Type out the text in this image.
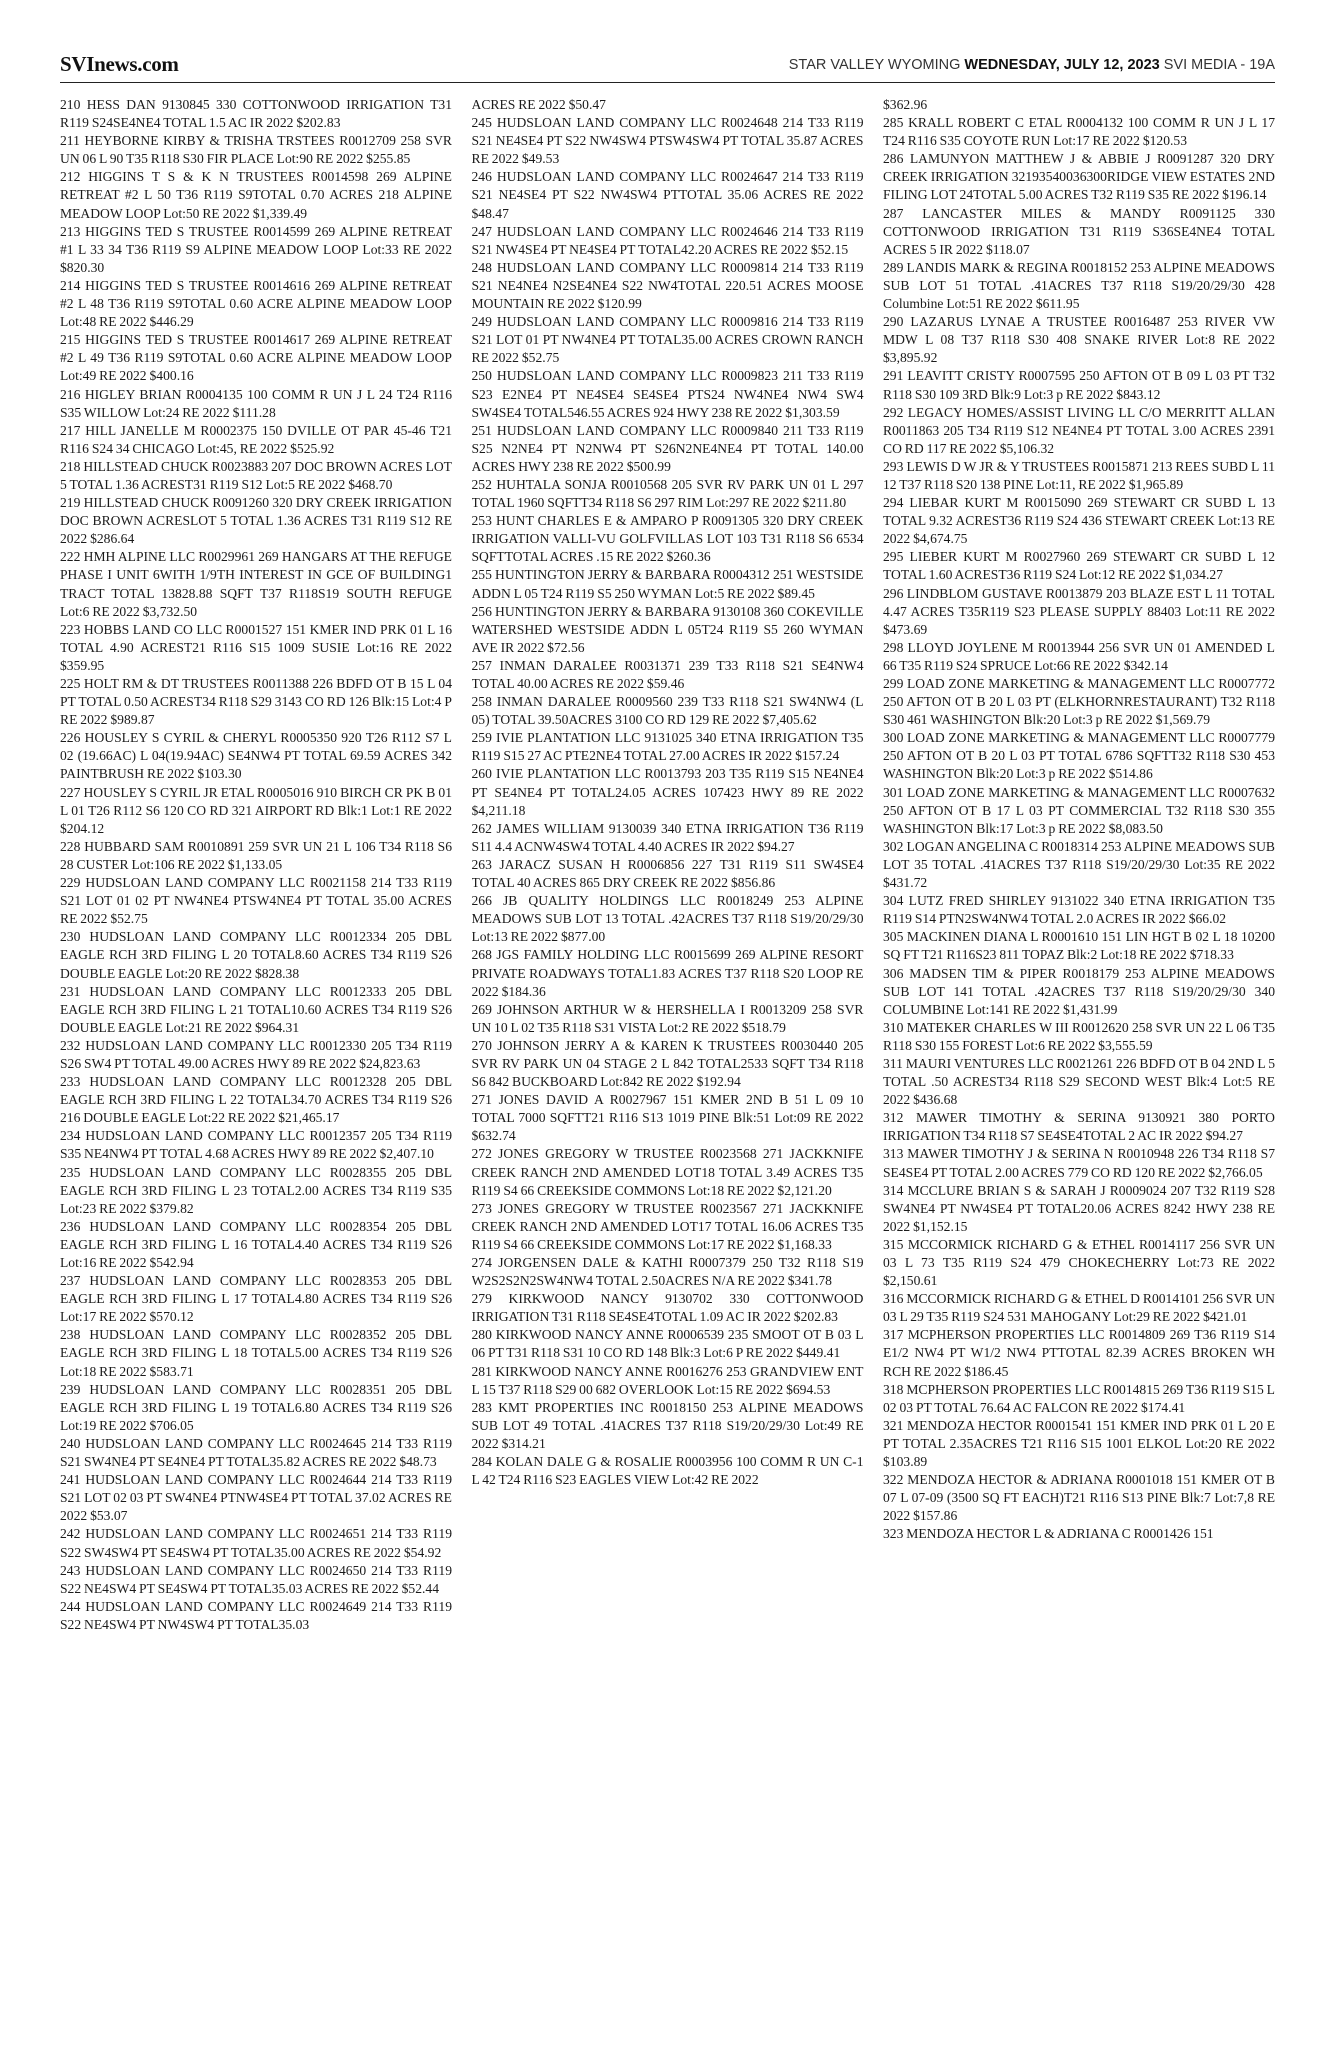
SVInews.com	STAR VALLEY WYOMING WEDNESDAY, JULY 12, 2023 SVI MEDIA - 19A

210 HESS DAN 9130845 330 COTTONWOOD IRRIGATION T31 R119 S24SE4NE4 TOTAL 1.5 AC IR 2022 $202.83

211 HEYBORNE KIRBY & TRISHA TRSTEES R0012709 258 SVR UN 06 L 90 T35 R118 S30 FIR PLACE Lot:90 RE 2022 $255.85

212 HIGGINS T S & K N TRUSTEES R0014598 269 ALPINE RETREAT #2 L 50 T36 R119 S9TOTAL 0.70 ACRES 218 ALPINE MEADOW LOOP Lot:50 RE 2022 $1,339.49

213 HIGGINS TED S TRUSTEE R0014599 269 ALPINE RETREAT #1 L 33 34 T36 R119 S9 ALPINE MEADOW LOOP Lot:33 RE 2022 $820.30

214 HIGGINS TED S TRUSTEE R0014616 269 ALPINE RETREAT #2 L 48 T36 R119 S9TOTAL 0.60 ACRE ALPINE MEADOW LOOP Lot:48 RE 2022 $446.29

215 HIGGINS TED S TRUSTEE R0014617 269 ALPINE RETREAT #2 L 49 T36 R119 S9TOTAL 0.60 ACRE ALPINE MEADOW LOOP Lot:49 RE 2022 $400.16

216 HIGLEY BRIAN R0004135 100 COMM R UN J L 24 T24 R116 S35 WILLOW Lot:24 RE 2022 $111.28

217 HILL JANELLE M R0002375 150 DVILLE OT PAR 45-46 T21 R116 S24 34 CHICAGO Lot:45, RE 2022 $525.92

218 HILLSTEAD CHUCK R0023883 207 DOC BROWN ACRES LOT 5 TOTAL 1.36 ACREST31 R119 S12 Lot:5 RE 2022 $468.70

219 HILLSTEAD CHUCK R0091260 320 DRY CREEK IRRIGATION DOC BROWN ACRESLOT 5 TOTAL 1.36 ACRES T31 R119 S12 RE 2022 $286.64

222 HMH ALPINE LLC R0029961 269 HANGARS AT THE REFUGE PHASE I UNIT 6WITH 1/9TH INTEREST IN GCE OF BUILDING1 TRACT TOTAL 13828.88 SQFT T37 R118S19 SOUTH REFUGE Lot:6 RE 2022 $3,732.50

223 HOBBS LAND CO LLC R0001527 151 KMER IND PRK 01 L 16 TOTAL 4.90 ACREST21 R116 S15 1009 SUSIE Lot:16 RE 2022 $359.95

225 HOLT RM & DT TRUSTEES R0011388 226 BDFD OT B 15 L 04 PT TOTAL 0.50 ACREST34 R118 S29 3143 CO RD 126 Blk:15 Lot:4 P RE 2022 $989.87

226 HOUSLEY S CYRIL & CHERYL R0005350 920 T26 R112 S7 L 02 (19.66AC) L 04(19.94AC) SE4NW4 PT TOTAL 69.59 ACRES 342 PAINTBRUSH RE 2022 $103.30

227 HOUSLEY S CYRIL JR ETAL R0005016 910 BIRCH CR PK B 01 L 01 T26 R112 S6 120 CO RD 321 AIRPORT RD Blk:1 Lot:1 RE 2022 $204.12

228 HUBBARD SAM R0010891 259 SVR UN 21 L 106 T34 R118 S6 28 CUSTER Lot:106 RE 2022 $1,133.05

229 HUDSLOAN LAND COMPANY LLC R0021158 214 T33 R119 S21 LOT 01 02 PT NW4NE4 PTSW4NE4 PT TOTAL 35.00 ACRES RE 2022 $52.75

230 HUDSLOAN LAND COMPANY LLC R0012334 205 DBL EAGLE RCH 3RD FILING L 20 TOTAL8.60 ACRES T34 R119 S26 DOUBLE EAGLE Lot:20 RE 2022 $828.38

231 HUDSLOAN LAND COMPANY LLC R0012333 205 DBL EAGLE RCH 3RD FILING L 21 TOTAL10.60 ACRES T34 R119 S26 DOUBLE EAGLE Lot:21 RE 2022 $964.31

232 HUDSLOAN LAND COMPANY LLC R0012330 205 T34 R119 S26 SW4 PT TOTAL 49.00 ACRES HWY 89 RE 2022 $24,823.63

233 HUDSLOAN LAND COMPANY LLC R0012328 205 DBL EAGLE RCH 3RD FILING L 22 TOTAL34.70 ACRES T34 R119 S26 216 DOUBLE EAGLE Lot:22 RE 2022 $21,465.17

234 HUDSLOAN LAND COMPANY LLC R0012357 205 T34 R119 S35 NE4NW4 PT TOTAL 4.68 ACRES HWY 89 RE 2022 $2,407.10

235 HUDSLOAN LAND COMPANY LLC R0028355 205 DBL EAGLE RCH 3RD FILING L 23 TOTAL2.00 ACRES T34 R119 S35 Lot:23 RE 2022 $379.82

236 HUDSLOAN LAND COMPANY LLC R0028354 205 DBL EAGLE RCH 3RD FILING L 16 TOTAL4.40 ACRES T34 R119 S26 Lot:16 RE 2022 $542.94

237 HUDSLOAN LAND COMPANY LLC R0028353 205 DBL EAGLE RCH 3RD FILING L 17 TOTAL4.80 ACRES T34 R119 S26 Lot:17 RE 2022 $570.12

238 HUDSLOAN LAND COMPANY LLC R0028352 205 DBL EAGLE RCH 3RD FILING L 18 TOTAL5.00 ACRES T34 R119 S26 Lot:18 RE 2022 $583.71

239 HUDSLOAN LAND COMPANY LLC R0028351 205 DBL EAGLE RCH 3RD FILING L 19 TOTAL6.80 ACRES T34 R119 S26 Lot:19 RE 2022 $706.05

240 HUDSLOAN LAND COMPANY LLC R0024645 214 T33 R119 S21 SW4NE4 PT SE4NE4 PT TOTAL35.82 ACRES RE 2022 $48.73

241 HUDSLOAN LAND COMPANY LLC R0024644 214 T33 R119 S21 LOT 02 03 PT SW4NE4 PTNW4SE4 PT TOTAL 37.02 ACRES RE 2022 $53.07

242 HUDSLOAN LAND COMPANY LLC R0024651 214 T33 R119 S22 SW4SW4 PT SE4SW4 PT TOTAL35.00 ACRES RE 2022 $54.92

243 HUDSLOAN LAND COMPANY LLC R0024650 214 T33 R119 S22 NE4SW4 PT SE4SW4 PT TOTAL35.03 ACRES RE 2022 $52.44

244 HUDSLOAN LAND COMPANY LLC R0024649 214 T33 R119 S22 NE4SW4 PT NW4SW4 PT TOTAL35.03

ACRES RE 2022 $50.47

245 HUDSLOAN LAND COMPANY LLC R0024648 214 T33 R119 S21 NE4SE4 PT S22 NW4SW4 PTSW4SW4 PT TOTAL 35.87 ACRES RE 2022 $49.53

246 HUDSLOAN LAND COMPANY LLC R0024647 214 T33 R119 S21 NE4SE4 PT S22 NW4SW4 PTTOTAL 35.06 ACRES RE 2022 $48.47

247 HUDSLOAN LAND COMPANY LLC R0024646 214 T33 R119 S21 NW4SE4 PT NE4SE4 PT TOTAL42.20 ACRES RE 2022 $52.15

248 HUDSLOAN LAND COMPANY LLC R0009814 214 T33 R119 S21 NE4NE4 N2SE4NE4 S22 NW4TOTAL 220.51 ACRES MOOSE MOUNTAIN RE 2022 $120.99

249 HUDSLOAN LAND COMPANY LLC R0009816 214 T33 R119 S21 LOT 01 PT NW4NE4 PT TOTAL35.00 ACRES CROWN RANCH RE 2022 $52.75

250 HUDSLOAN LAND COMPANY LLC R0009823 211 T33 R119 S23 E2NE4 PT NE4SE4 SE4SE4 PTS24 NW4NE4 NW4 SW4 SW4SE4 TOTAL546.55 ACRES 924 HWY 238 RE 2022 $1,303.59

251 HUDSLOAN LAND COMPANY LLC R0009840 211 T33 R119 S25 N2NE4 PT N2NW4 PT S26N2NE4NE4 PT TOTAL 140.00 ACRES HWY 238 RE 2022 $500.99

252 HUHTALA SONJA R0010568 205 SVR RV PARK UN 01 L 297 TOTAL 1960 SQFTT34 R118 S6 297 RIM Lot:297 RE 2022 $211.80

253 HUNT CHARLES E & AMPARO P R0091305 320 DRY CREEK IRRIGATION VALLI-VU GOLFVILLAS LOT 103 T31 R118 S6 6534 SQFTTOTAL ACRES .15 RE 2022 $260.36

255 HUNTINGTON JERRY & BARBARA R0004312 251 WESTSIDE ADDN L 05 T24 R119 S5 250 WYMAN Lot:5 RE 2022 $89.45

256 HUNTINGTON JERRY & BARBARA 9130108 360 COKEVILLE WATERSHED WESTSIDE ADDN L 05T24 R119 S5 260 WYMAN AVE IR 2022 $72.56

257 INMAN DARALEE R0031371 239 T33 R118 S21 SE4NW4 TOTAL 40.00 ACRES RE 2022 $59.46

258 INMAN DARALEE R0009560 239 T33 R118 S21 SW4NW4 (L 05) TOTAL 39.50ACRES 3100 CO RD 129 RE 2022 $7,405.62

259 IVIE PLANTATION LLC 9131025 340 ETNA IRRIGATION T35 R119 S15 27 AC PTE2NE4 TOTAL 27.00 ACRES IR 2022 $157.24

260 IVIE PLANTATION LLC R0013793 203 T35 R119 S15 NE4NE4 PT SE4NE4 PT TOTAL24.05 ACRES 107423 HWY 89 RE 2022 $4,211.18

262 JAMES WILLIAM 9130039 340 ETNA IRRIGATION T36 R119 S11 4.4 ACNW4SW4 TOTAL 4.40 ACRES IR 2022 $94.27

263 JARACZ SUSAN H R0006856 227 T31 R119 S11 SW4SE4 TOTAL 40 ACRES 865 DRY CREEK RE 2022 $856.86

266 JB QUALITY HOLDINGS LLC R0018249 253 ALPINE MEADOWS SUB LOT 13 TOTAL .42ACRES T37 R118 S19/20/29/30 Lot:13 RE 2022 $877.00

268 JGS FAMILY HOLDING LLC R0015699 269 ALPINE RESORT PRIVATE ROADWAYS TOTAL1.83 ACRES T37 R118 S20 LOOP RE 2022 $184.36

269 JOHNSON ARTHUR W & HERSHELLA I R0013209 258 SVR UN 10 L 02 T35 R118 S31 VISTA Lot:2 RE 2022 $518.79

270 JOHNSON JERRY A & KAREN K TRUSTEES R0030440 205 SVR RV PARK UN 04 STAGE 2 L 842 TOTAL2533 SQFT T34 R118 S6 842 BUCKBOARD Lot:842 RE 2022 $192.94

271 JONES DAVID A R0027967 151 KMER 2ND B 51 L 09 10 TOTAL 7000 SQFTT21 R116 S13 1019 PINE Blk:51 Lot:09 RE 2022 $632.74

272 JONES GREGORY W TRUSTEE R0023568 271 JACKKNIFE CREEK RANCH 2ND AMENDED LOT18 TOTAL 3.49 ACRES T35 R119 S4 66 CREEKSIDE COMMONS Lot:18 RE 2022 $2,121.20

273 JONES GREGORY W TRUSTEE R0023567 271 JACKKNIFE CREEK RANCH 2ND AMENDED LOT17 TOTAL 16.06 ACRES T35 R119 S4 66 CREEKSIDE COMMONS Lot:17 RE 2022 $1,168.33

274 JORGENSEN DALE & KATHI R0007379 250 T32 R118 S19 W2S2S2N2SW4NW4 TOTAL 2.50ACRES N/A RE 2022 $341.78

279 KIRKWOOD NANCY 9130702 330 COTTONWOOD IRRIGATION T31 R118 SE4SE4TOTAL 1.09 AC IR 2022 $202.83

280 KIRKWOOD NANCY ANNE R0006539 235 SMOOT OT B 03 L 06 PT T31 R118 S31 10 CO RD 148 Blk:3 Lot:6 P RE 2022 $449.41

281 KIRKWOOD NANCY ANNE R0016276 253 GRANDVIEW ENT L 15 T37 R118 S29 00 682 OVERLOOK Lot:15 RE 2022 $694.53

283 KMT PROPERTIES INC R0018150 253 ALPINE MEADOWS SUB LOT 49 TOTAL .41ACRES T37 R118 S19/20/29/30 Lot:49 RE 2022 $314.21

284 KOLAN DALE G & ROSALIE R0003956 100 COMM R UN C-1 L 42 T24 R116 S23 EAGLES VIEW Lot:42 RE 2022

$362.96

285 KRALL ROBERT C ETAL R0004132 100 COMM R UN J L 17 T24 R116 S35 COYOTE RUN Lot:17 RE 2022 $120.53

286 LAMUNYON MATTHEW J & ABBIE J R0091287 320 DRY CREEK IRRIGATION 32193540036300RIDGE VIEW ESTATES 2ND FILING LOT 24TOTAL 5.00 ACRES T32 R119 S35 RE 2022 $196.14

287 LANCASTER MILES & MANDY R0091125 330 COTTONWOOD IRRIGATION T31 R119 S36SE4NE4 TOTAL ACRES 5 IR 2022 $118.07

289 LANDIS MARK & REGINA R0018152 253 ALPINE MEADOWS SUB LOT 51 TOTAL .41ACRES T37 R118 S19/20/29/30 428 Columbine Lot:51 RE 2022 $611.95

290 LAZARUS LYNAE A TRUSTEE R0016487 253 RIVER VW MDW L 08 T37 R118 S30 408 SNAKE RIVER Lot:8 RE 2022 $3,895.92

291 LEAVITT CRISTY R0007595 250 AFTON OT B 09 L 03 PT T32 R118 S30 109 3RD Blk:9 Lot:3 p RE 2022 $843.12

292 LEGACY HOMES/ASSIST LIVING LL C/O MERRITT ALLAN R0011863 205 T34 R119 S12 NE4NE4 PT TOTAL 3.00 ACRES 2391 CO RD 117 RE 2022 $5,106.32

293 LEWIS D W JR & Y TRUSTEES R0015871 213 REES SUBD L 11 12 T37 R118 S20 138 PINE Lot:11, RE 2022 $1,965.89

294 LIEBAR KURT M R0015090 269 STEWART CR SUBD L 13 TOTAL 9.32 ACREST36 R119 S24 436 STEWART CREEK Lot:13 RE 2022 $4,674.75

295 LIEBER KURT M R0027960 269 STEWART CR SUBD L 12 TOTAL 1.60 ACREST36 R119 S24 Lot:12 RE 2022 $1,034.27

296 LINDBLOM GUSTAVE R0013879 203 BLAZE EST L 11 TOTAL 4.47 ACRES T35R119 S23 PLEASE SUPPLY 88403 Lot:11 RE 2022 $473.69

298 LLOYD JOYLENE M R0013944 256 SVR UN 01 AMENDED L 66 T35 R119 S24 SPRUCE Lot:66 RE 2022 $342.14

299 LOAD ZONE MARKETING & MANAGEMENT LLC R0007772 250 AFTON OT B 20 L 03 PT (ELKHORNRESTAURANT) T32 R118 S30 461 WASHINGTON Blk:20 Lot:3 p RE 2022 $1,569.79

300 LOAD ZONE MARKETING & MANAGEMENT LLC R0007779 250 AFTON OT B 20 L 03 PT TOTAL 6786 SQFTT32 R118 S30 453 WASHINGTON Blk:20 Lot:3 p RE 2022 $514.86

301 LOAD ZONE MARKETING & MANAGEMENT LLC R0007632 250 AFTON OT B 17 L 03 PT COMMERCIAL T32 R118 S30 355 WASHINGTON Blk:17 Lot:3 p RE 2022 $8,083.50

302 LOGAN ANGELINA C R0018314 253 ALPINE MEADOWS SUB LOT 35 TOTAL .41ACRES T37 R118 S19/20/29/30 Lot:35 RE 2022 $431.72

304 LUTZ FRED SHIRLEY 9131022 340 ETNA IRRIGATION T35 R119 S14 PTN2SW4NW4 TOTAL 2.0 ACRES IR 2022 $66.02

305 MACKINEN DIANA L R0001610 151 LIN HGT B 02 L 18 10200 SQ FT T21 R116S23 811 TOPAZ Blk:2 Lot:18 RE 2022 $718.33

306 MADSEN TIM & PIPER R0018179 253 ALPINE MEADOWS SUB LOT 141 TOTAL .42ACRES T37 R118 S19/20/29/30 340 COLUMBINE Lot:141 RE 2022 $1,431.99

310 MATEKER CHARLES W III R0012620 258 SVR UN 22 L 06 T35 R118 S30 155 FOREST Lot:6 RE 2022 $3,555.59

311 MAURI VENTURES LLC R0021261 226 BDFD OT B 04 2ND L 5 TOTAL .50 ACREST34 R118 S29 SECOND WEST Blk:4 Lot:5 RE 2022 $436.68

312 MAWER TIMOTHY & SERINA 9130921 380 PORTO IRRIGATION T34 R118 S7 SE4SE4TOTAL 2 AC IR 2022 $94.27

313 MAWER TIMOTHY J & SERINA N R0010948 226 T34 R118 S7 SE4SE4 PT TOTAL 2.00 ACRES 779 CO RD 120 RE 2022 $2,766.05

314 MCCLURE BRIAN S & SARAH J R0009024 207 T32 R119 S28 SW4NE4 PT NW4SE4 PT TOTAL20.06 ACRES 8242 HWY 238 RE 2022 $1,152.15

315 MCCORMICK RICHARD G & ETHEL R0014117 256 SVR UN 03 L 73 T35 R119 S24 479 CHOKECHERRY Lot:73 RE 2022 $2,150.61

316 MCCORMICK RICHARD G & ETHEL D R0014101 256 SVR UN 03 L 29 T35 R119 S24 531 MAHOGANY Lot:29 RE 2022 $421.01

317 MCPHERSON PROPERTIES LLC R0014809 269 T36 R119 S14 E1/2 NW4 PT W1/2 NW4 PTTOTAL 82.39 ACRES BROKEN WH RCH RE 2022 $186.45

318 MCPHERSON PROPERTIES LLC R0014815 269 T36 R119 S15 L 02 03 PT TOTAL 76.64 AC FALCON RE 2022 $174.41

321 MENDOZA HECTOR R0001541 151 KMER IND PRK 01 L 20 E PT TOTAL 2.35ACRES T21 R116 S15 1001 ELKOL Lot:20 RE 2022 $103.89

322 MENDOZA HECTOR & ADRIANA R0001018 151 KMER OT B 07 L 07-09 (3500 SQ FT EACH)T21 R116 S13 PINE Blk:7 Lot:7,8 RE 2022 $157.86

323 MENDOZA HECTOR L & ADRIANA C R0001426 151
